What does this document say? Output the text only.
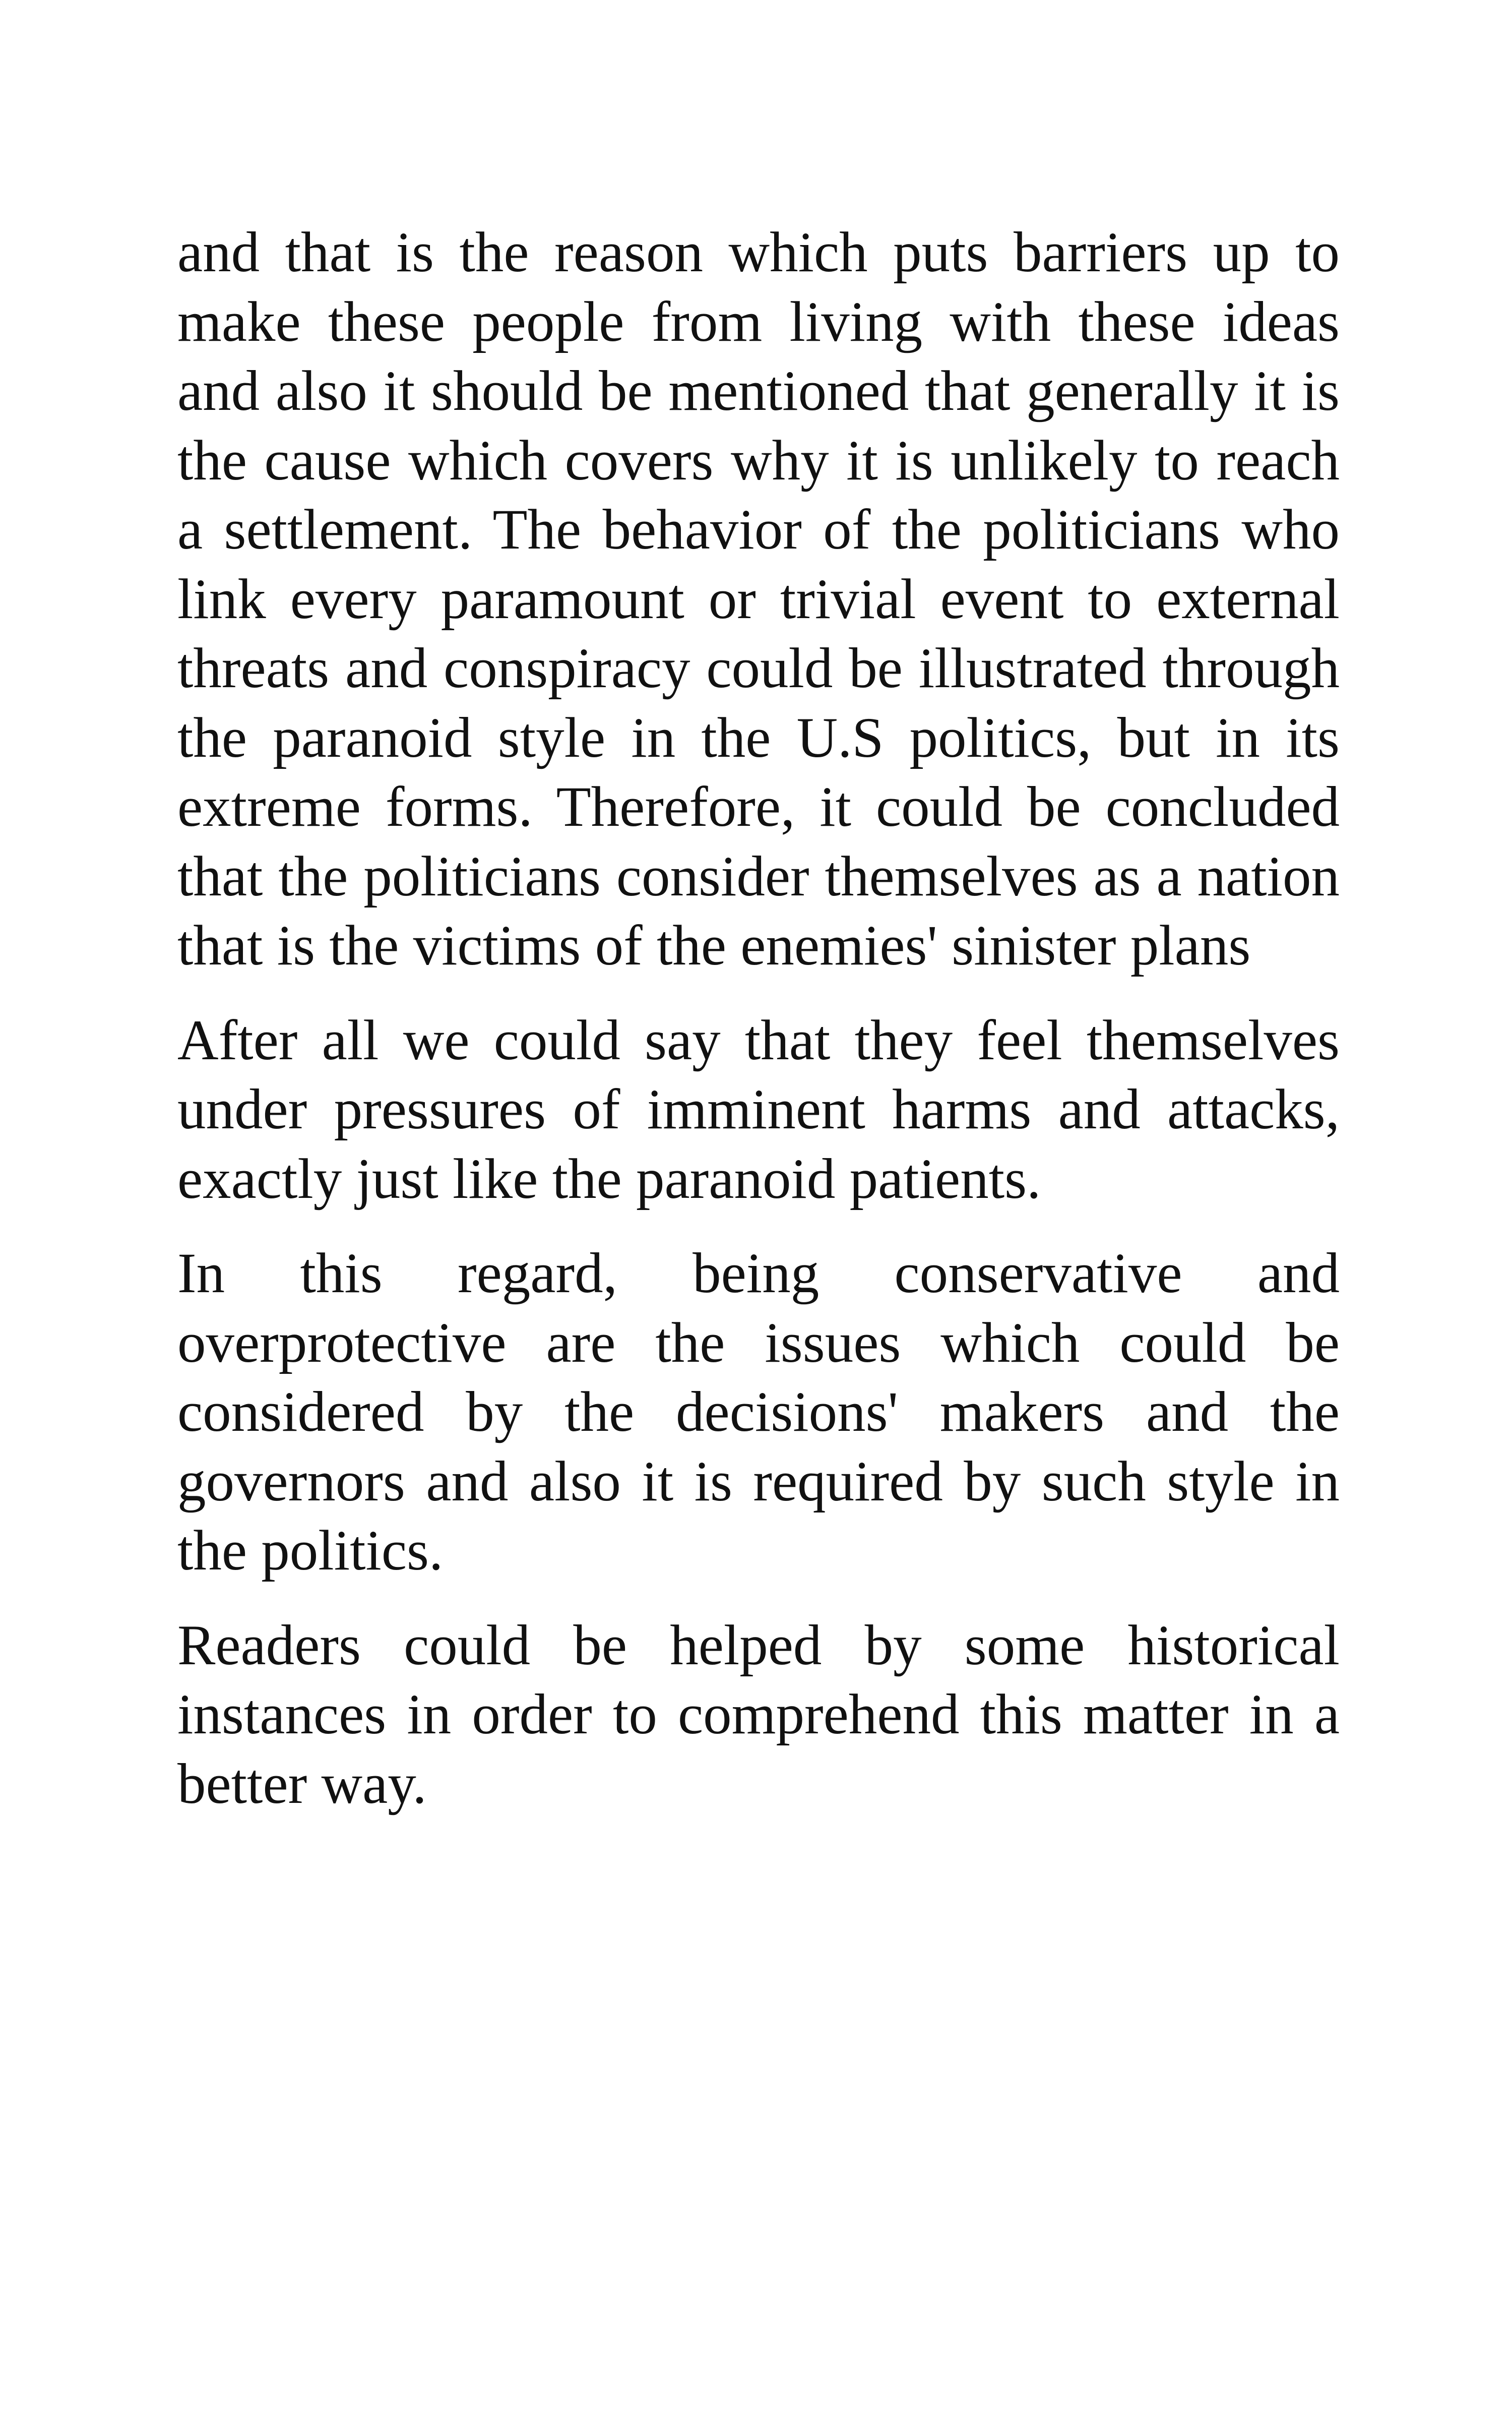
and that is the reason which puts barriers up to make these people from living with these ideas and also it should be mentioned that generally it is the cause which covers why it is unlikely to reach a settlement. The behavior of the politicians who link every paramount or trivial event to external threats and conspiracy could be illustrated through the paranoid style in the U.S politics, but in its extreme forms. Therefore, it could be concluded that the politicians consider themselves as a nation that is the victims of the enemies' sinister plans

After all we could say that they feel themselves under pressures of imminent harms and attacks, exactly just like the paranoid patients.

In this regard, being conservative and overprotective are the issues which could be considered by the decisions' makers and the governors and also it is required by such style in the politics.

Readers could be helped by some historical instances in order to comprehend this matter in a better way.
